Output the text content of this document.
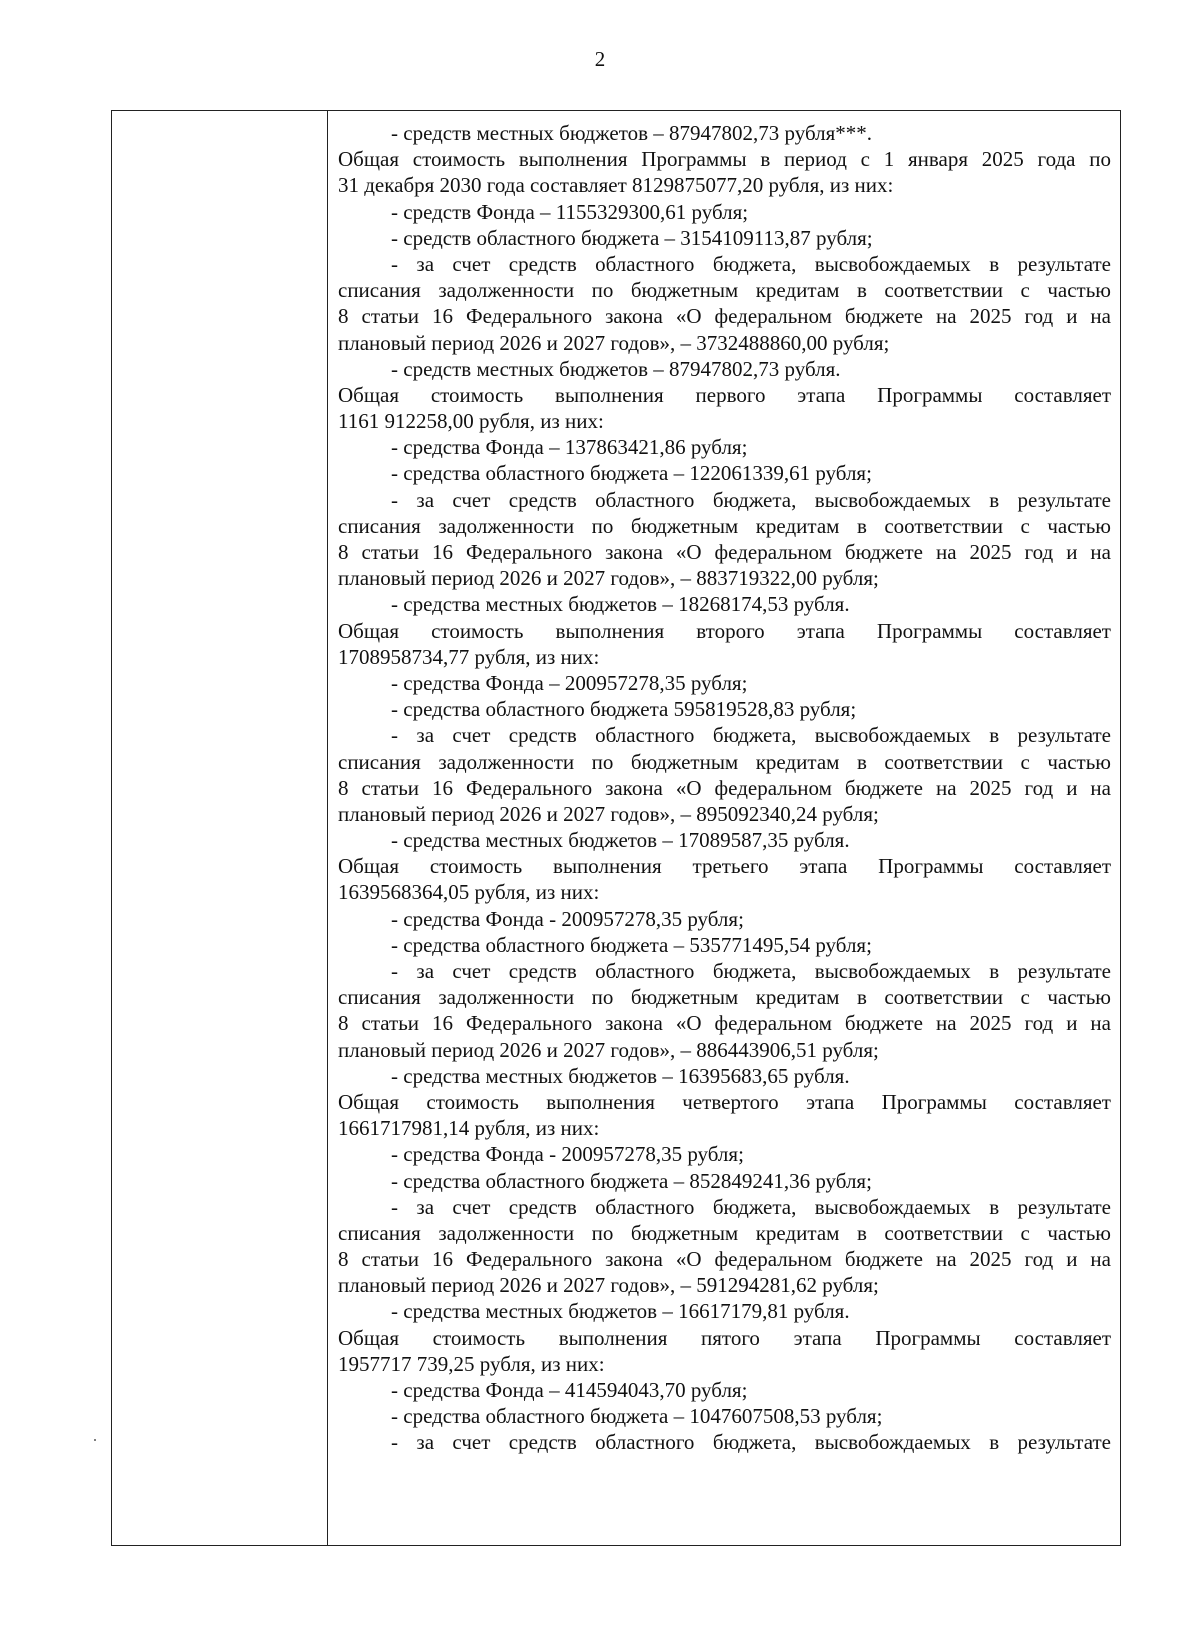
2
- средств местных бюджетов – 87947802,73 рубля***.
Общая стоимость выполнения Программы в период с 1 января 2025 года по
31 декабря 2030 года составляет 8129875077,20 рубля, из них:
- средств Фонда – 1155329300,61 рубля;
- средств областного бюджета – 3154109113,87 рубля;
- за счет средств областного бюджета, высвобождаемых в результате
списания задолженности по бюджетным кредитам в соответствии с частью
8 статьи 16 Федерального закона «О федеральном бюджете на 2025 год и на
плановый период 2026 и 2027 годов», – 3732488860,00 рубля;
- средств местных бюджетов – 87947802,73 рубля.
Общая стоимость выполнения первого этапа Программы составляет
1161 912258,00 рубля, из них:
- средства Фонда – 137863421,86 рубля;
- средства областного бюджета – 122061339,61 рубля;
- за счет средств областного бюджета, высвобождаемых в результате
списания задолженности по бюджетным кредитам в соответствии с частью
8 статьи 16 Федерального закона «О федеральном бюджете на 2025 год и на
плановый период 2026 и 2027 годов», – 883719322,00 рубля;
- средства местных бюджетов – 18268174,53 рубля.
Общая стоимость выполнения второго этапа Программы составляет
1708958734,77 рубля, из них:
- средства Фонда – 200957278,35 рубля;
- средства областного бюджета 595819528,83 рубля;
- за счет средств областного бюджета, высвобождаемых в результате
списания задолженности по бюджетным кредитам в соответствии с частью
8 статьи 16 Федерального закона «О федеральном бюджете на 2025 год и на
плановый период 2026 и 2027 годов», – 895092340,24 рубля;
- средства местных бюджетов – 17089587,35 рубля.
Общая стоимость выполнения третьего этапа Программы составляет
1639568364,05 рубля, из них:
- средства Фонда - 200957278,35 рубля;
- средства областного бюджета – 535771495,54 рубля;
- за счет средств областного бюджета, высвобождаемых в результате
списания задолженности по бюджетным кредитам в соответствии с частью
8 статьи 16 Федерального закона «О федеральном бюджете на 2025 год и на
плановый период 2026 и 2027 годов», – 886443906,51 рубля;
- средства местных бюджетов – 16395683,65 рубля.
Общая стоимость выполнения четвертого этапа Программы составляет
1661717981,14 рубля, из них:
- средства Фонда - 200957278,35 рубля;
- средства областного бюджета – 852849241,36 рубля;
- за счет средств областного бюджета, высвобождаемых в результате
списания задолженности по бюджетным кредитам в соответствии с частью
8 статьи 16 Федерального закона «О федеральном бюджете на 2025 год и на
плановый период 2026 и 2027 годов», – 591294281,62 рубля;
- средства местных бюджетов – 16617179,81 рубля.
Общая стоимость выполнения пятого этапа Программы составляет
1957717 739,25 рубля, из них:
- средства Фонда – 414594043,70 рубля;
- средства областного бюджета – 1047607508,53 рубля;
- за счет средств областного бюджета, высвобождаемых в результате
